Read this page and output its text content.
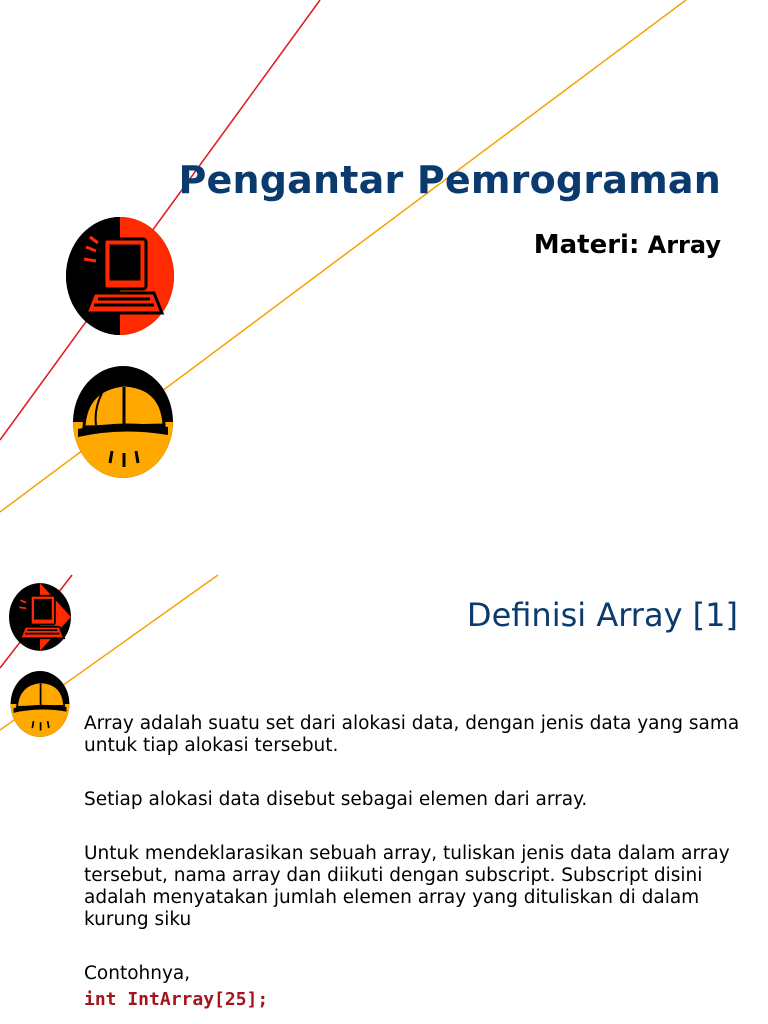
Pengantar Pemrograman
Materi: Array
Definisi Array [1]

Array adalah suatu set dari alokasi data, dengan jenis data yang sama untuk tiap alokasi tersebut.

Setiap alokasi data disebut sebagai elemen dari array.

Untuk mendeklarasikan sebuah array, tuliskan jenis data dalam array tersebut, nama array dan diikuti dengan subscript. Subscript disini adalah menyatakan jumlah elemen array yang dituliskan di dalam kurung siku

Contohnya,
int IntArray[25];
